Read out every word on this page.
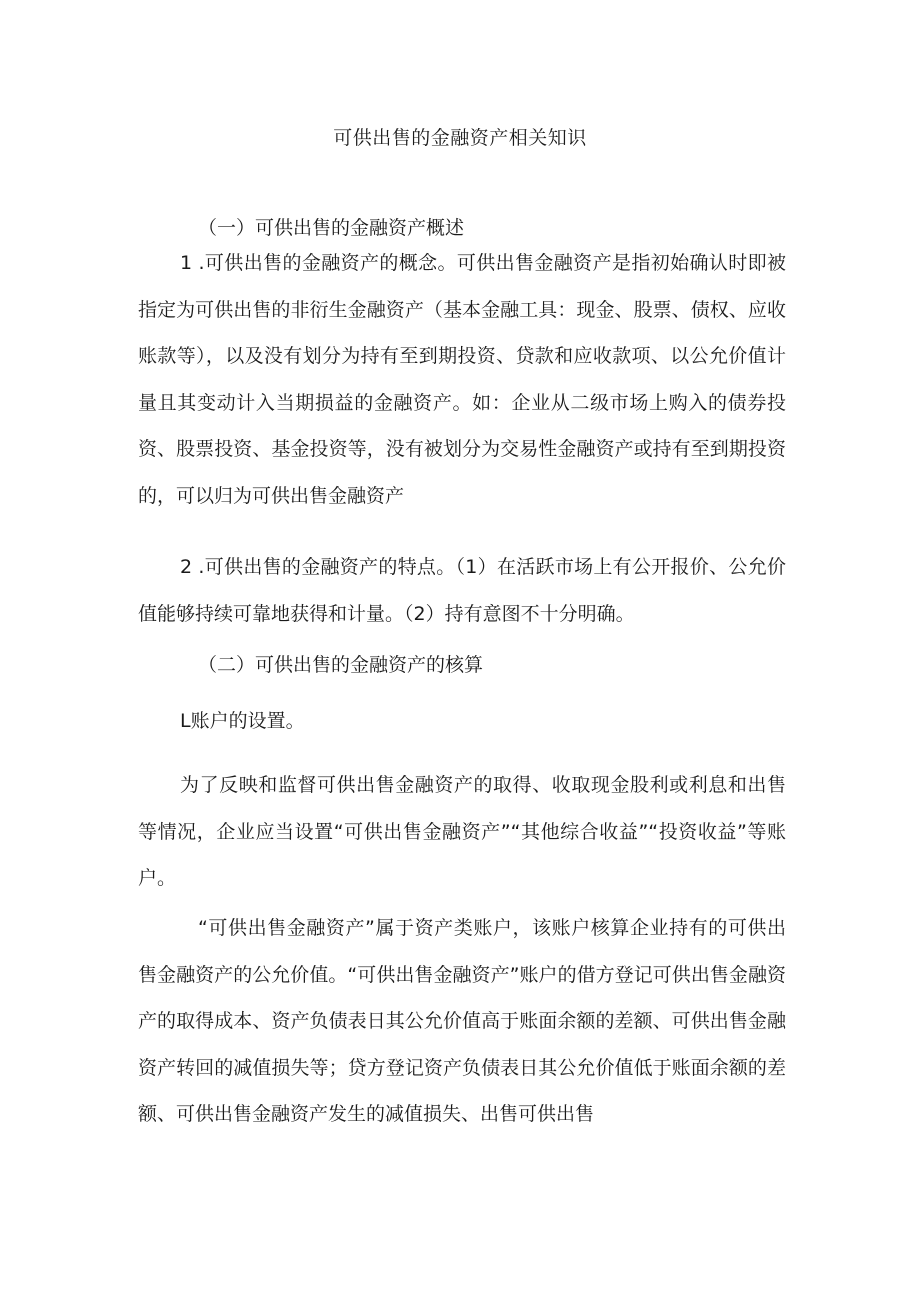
可供出售的金融资产相关知识
（一）可供出售的金融资产概述
1 .可供出售的金融资产的概念。可供出售金融资产是指初始确认时即被指定为可供出售的非衍生金融资产（基本金融工具：现金、股票、债权、应收账款等），以及没有划分为持有至到期投资、贷款和应收款项、以公允价值计量且其变动计入当期损益的金融资产。如：企业从二级市场上购入的债券投资、股票投资、基金投资等，没有被划分为交易性金融资产或持有至到期投资的，可以归为可供出售金融资产
2 .可供出售的金融资产的特点。（1）在活跃市场上有公开报价、公允价值能够持续可靠地获得和计量。（2）持有意图不十分明确。
（二）可供出售的金融资产的核算
L账户的设置。
为了反映和监督可供出售金融资产的取得、收取现金股利或利息和出售等情况，企业应当设置“可供出售金融资产”“其他综合收益”“投资收益”等账户。
“可供出售金融资产”属于资产类账户，该账户核算企业持有的可供出售金融资产的公允价值。“可供出售金融资产”账户的借方登记可供出售金融资产的取得成本、资产负债表日其公允价值高于账面余额的差额、可供出售金融资产转回的减值损失等；贷方登记资产负债表日其公允价值低于账面余额的差额、可供出售金融资产发生的减值损失、出售可供出售
